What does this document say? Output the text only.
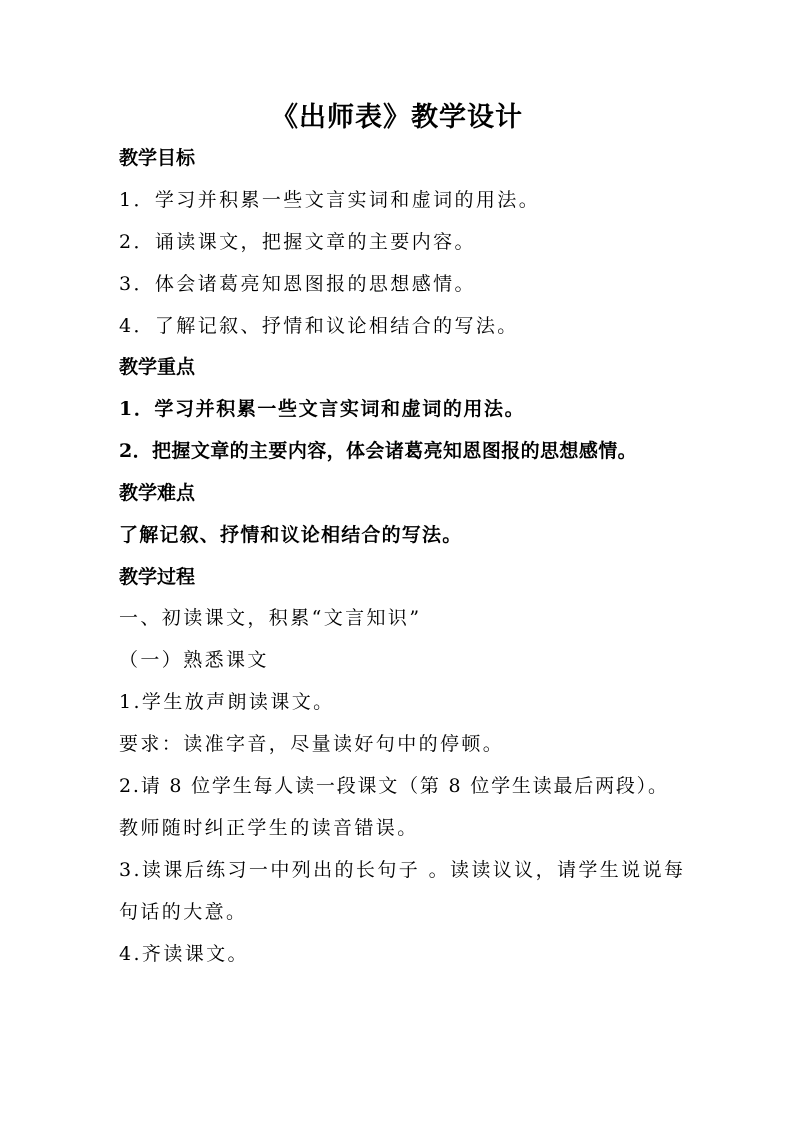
《出师表》教学设计
教学目标
1．学习并积累一些文言实词和虚词的用法。
2．诵读课文，把握文章的主要内容。
3．体会诸葛亮知恩图报的思想感情。
4．了解记叙、抒情和议论相结合的写法。
教学重点
1．学习并积累一些文言实词和虚词的用法。
2．把握文章的主要内容，体会诸葛亮知恩图报的思想感情。
教学难点
了解记叙、抒情和议论相结合的写法。
教学过程
一、初读课文，积累“文言知识”
（一）熟悉课文
1.学生放声朗读课文。
要求：读准字音，尽量读好句中的停顿。
2.请 8 位学生每人读一段课文（第 8 位学生读最后两段）。
教师随时纠正学生的读音错误。
3.读课后练习一中列出的长句子 。读读议议，请学生说说每
句话的大意。
4.齐读课文。
